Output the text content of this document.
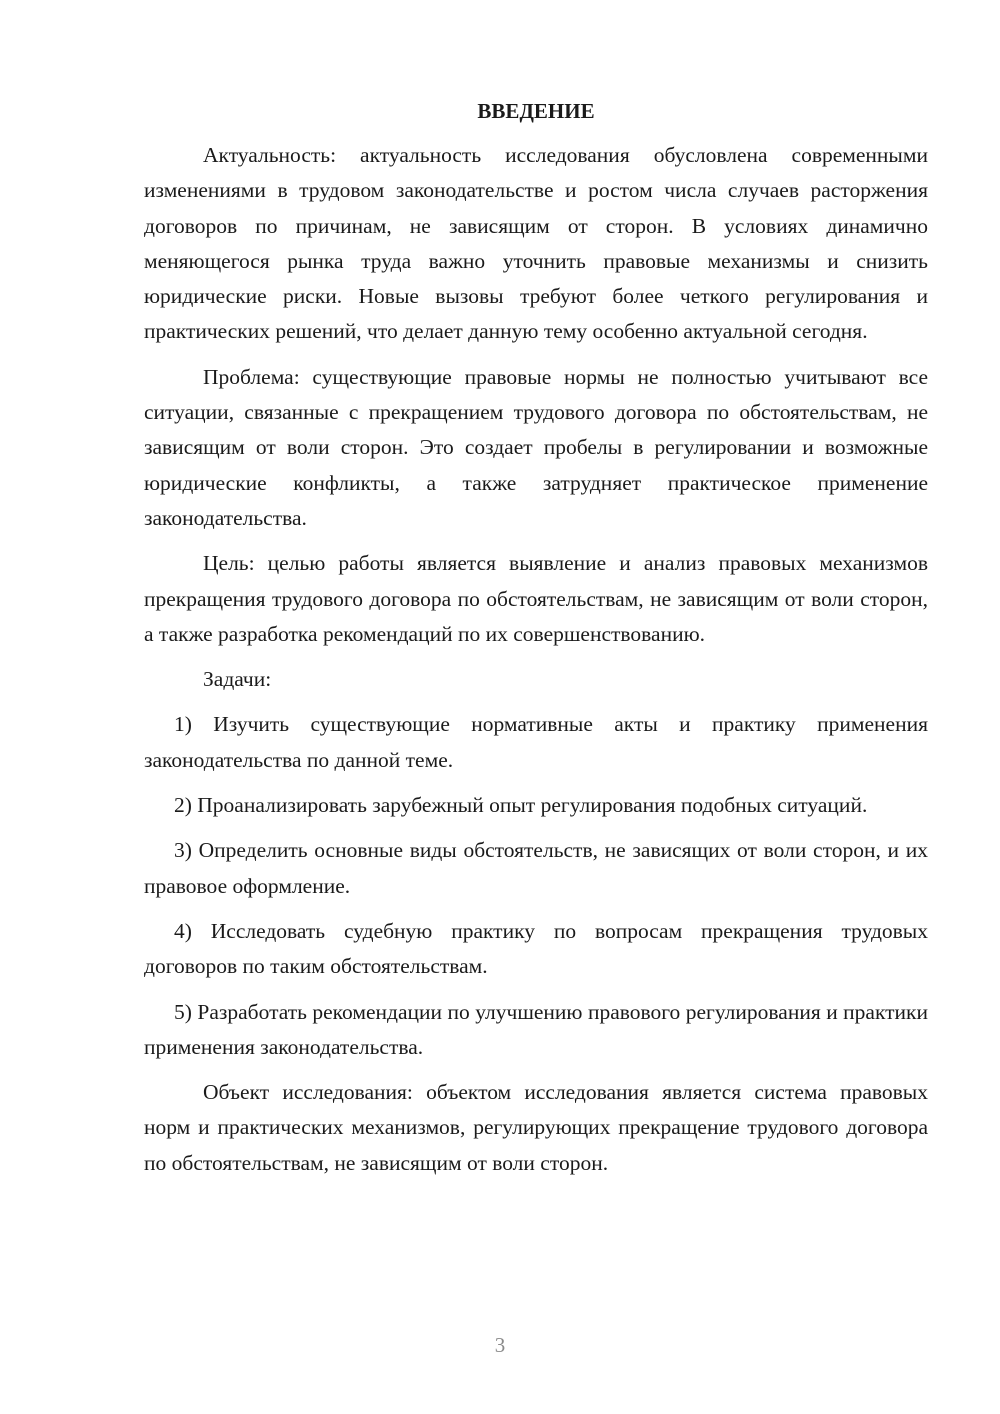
ВВЕДЕНИЕ

Актуальность: актуальность исследования обусловлена современными изменениями в трудовом законодательстве и ростом числа случаев расторжения договоров по причинам, не зависящим от сторон. В условиях динамично меняющегося рынка труда важно уточнить правовые механизмы и снизить юридические риски. Новые вызовы требуют более четкого регулирования и практических решений, что делает данную тему особенно актуальной сегодня.

Проблема: существующие правовые нормы не полностью учитывают все ситуации, связанные с прекращением трудового договора по обстоятельствам, не зависящим от воли сторон. Это создает пробелы в регулировании и возможные юридические конфликты, а также затрудняет практическое применение законодательства.

Цель: целью работы является выявление и анализ правовых механизмов прекращения трудового договора по обстоятельствам, не зависящим от воли сторон, а также разработка рекомендаций по их совершенствованию.

Задачи:

1) Изучить существующие нормативные акты и практику применения законодательства по данной теме.

2) Проанализировать зарубежный опыт регулирования подобных ситуаций.

3) Определить основные виды обстоятельств, не зависящих от воли сторон, и их правовое оформление.

4) Исследовать судебную практику по вопросам прекращения трудовых договоров по таким обстоятельствам.

5) Разработать рекомендации по улучшению правового регулирования и практики применения законодательства.

Объект исследования: объектом исследования является система правовых норм и практических механизмов, регулирующих прекращение трудового договора по обстоятельствам, не зависящим от воли сторон.

3
